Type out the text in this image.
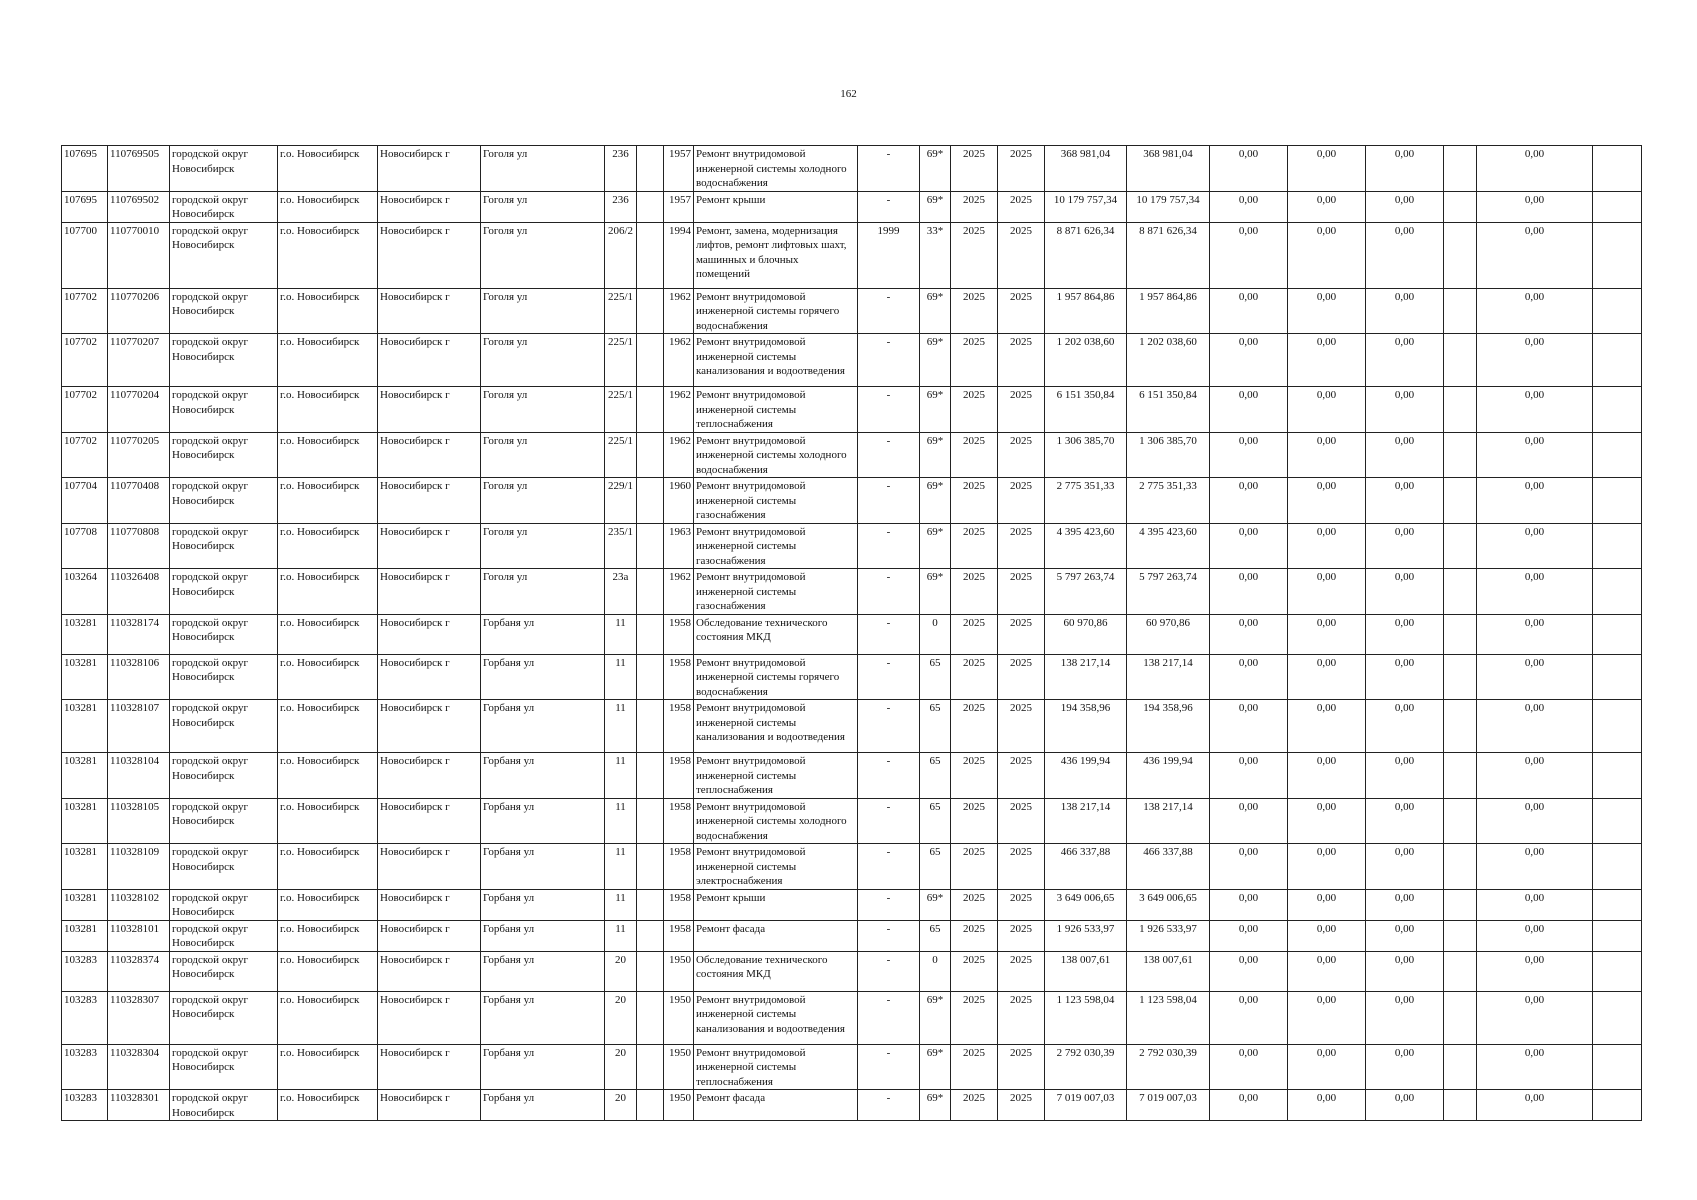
162
107695	110769505	городской округ Новосибирск	г.о. Новосибирск	Новосибирск г	Гоголя ул	236		1957	Ремонт внутридомовой инженерной системы холодного водоснабжения	-	69*	2025	2025	368 981,04	368 981,04	0,00	0,00	0,00		0,00	
107695	110769502	городской округ Новосибирск	г.о. Новосибирск	Новосибирск г	Гоголя ул	236		1957	Ремонт крыши	-	69*	2025	2025	10 179 757,34	10 179 757,34	0,00	0,00	0,00		0,00	
107700	110770010	городской округ Новосибирск	г.о. Новосибирск	Новосибирск г	Гоголя ул	206/2		1994	Ремонт, замена, модернизация лифтов, ремонт лифтовых шахт, машинных и блочных помещений	1999	33*	2025	2025	8 871 626,34	8 871 626,34	0,00	0,00	0,00		0,00	
107702	110770206	городской округ Новосибирск	г.о. Новосибирск	Новосибирск г	Гоголя ул	225/1		1962	Ремонт внутридомовой инженерной системы горячего водоснабжения	-	69*	2025	2025	1 957 864,86	1 957 864,86	0,00	0,00	0,00		0,00	
107702	110770207	городской округ Новосибирск	г.о. Новосибирск	Новосибирск г	Гоголя ул	225/1		1962	Ремонт внутридомовой инженерной системы канализования и водоотведения	-	69*	2025	2025	1 202 038,60	1 202 038,60	0,00	0,00	0,00		0,00	
107702	110770204	городской округ Новосибирск	г.о. Новосибирск	Новосибирск г	Гоголя ул	225/1		1962	Ремонт внутридомовой инженерной системы теплоснабжения	-	69*	2025	2025	6 151 350,84	6 151 350,84	0,00	0,00	0,00		0,00	
107702	110770205	городской округ Новосибирск	г.о. Новосибирск	Новосибирск г	Гоголя ул	225/1		1962	Ремонт внутридомовой инженерной системы холодного водоснабжения	-	69*	2025	2025	1 306 385,70	1 306 385,70	0,00	0,00	0,00		0,00	
107704	110770408	городской округ Новосибирск	г.о. Новосибирск	Новосибирск г	Гоголя ул	229/1		1960	Ремонт внутридомовой инженерной системы газоснабжения	-	69*	2025	2025	2 775 351,33	2 775 351,33	0,00	0,00	0,00		0,00	
107708	110770808	городской округ Новосибирск	г.о. Новосибирск	Новосибирск г	Гоголя ул	235/1		1963	Ремонт внутридомовой инженерной системы газоснабжения	-	69*	2025	2025	4 395 423,60	4 395 423,60	0,00	0,00	0,00		0,00	
103264	110326408	городской округ Новосибирск	г.о. Новосибирск	Новосибирск г	Гоголя ул	23а		1962	Ремонт внутридомовой инженерной системы газоснабжения	-	69*	2025	2025	5 797 263,74	5 797 263,74	0,00	0,00	0,00		0,00	
103281	110328174	городской округ Новосибирск	г.о. Новосибирск	Новосибирск г	Горбаня ул	11		1958	Обследование технического состояния МКД	-	0	2025	2025	60 970,86	60 970,86	0,00	0,00	0,00		0,00	
103281	110328106	городской округ Новосибирск	г.о. Новосибирск	Новосибирск г	Горбаня ул	11		1958	Ремонт внутридомовой инженерной системы горячего водоснабжения	-	65	2025	2025	138 217,14	138 217,14	0,00	0,00	0,00		0,00	
103281	110328107	городской округ Новосибирск	г.о. Новосибирск	Новосибирск г	Горбаня ул	11		1958	Ремонт внутридомовой инженерной системы канализования и водоотведения	-	65	2025	2025	194 358,96	194 358,96	0,00	0,00	0,00		0,00	
103281	110328104	городской округ Новосибирск	г.о. Новосибирск	Новосибирск г	Горбаня ул	11		1958	Ремонт внутридомовой инженерной системы теплоснабжения	-	65	2025	2025	436 199,94	436 199,94	0,00	0,00	0,00		0,00	
103281	110328105	городской округ Новосибирск	г.о. Новосибирск	Новосибирск г	Горбаня ул	11		1958	Ремонт внутридомовой инженерной системы холодного водоснабжения	-	65	2025	2025	138 217,14	138 217,14	0,00	0,00	0,00		0,00	
103281	110328109	городской округ Новосибирск	г.о. Новосибирск	Новосибирск г	Горбаня ул	11		1958	Ремонт внутридомовой инженерной системы электроснабжения	-	65	2025	2025	466 337,88	466 337,88	0,00	0,00	0,00		0,00	
103281	110328102	городской округ Новосибирск	г.о. Новосибирск	Новосибирск г	Горбаня ул	11		1958	Ремонт крыши	-	69*	2025	2025	3 649 006,65	3 649 006,65	0,00	0,00	0,00		0,00	
103281	110328101	городской округ Новосибирск	г.о. Новосибирск	Новосибирск г	Горбаня ул	11		1958	Ремонт фасада	-	65	2025	2025	1 926 533,97	1 926 533,97	0,00	0,00	0,00		0,00	
103283	110328374	городской округ Новосибирск	г.о. Новосибирск	Новосибирск г	Горбаня ул	20		1950	Обследование технического состояния МКД	-	0	2025	2025	138 007,61	138 007,61	0,00	0,00	0,00		0,00	
103283	110328307	городской округ Новосибирск	г.о. Новосибирск	Новосибирск г	Горбаня ул	20		1950	Ремонт внутридомовой инженерной системы канализования и водоотведения	-	69*	2025	2025	1 123 598,04	1 123 598,04	0,00	0,00	0,00		0,00	
103283	110328304	городской округ Новосибирск	г.о. Новосибирск	Новосибирск г	Горбаня ул	20		1950	Ремонт внутридомовой инженерной системы теплоснабжения	-	69*	2025	2025	2 792 030,39	2 792 030,39	0,00	0,00	0,00		0,00	
103283	110328301	городской округ Новосибирск	г.о. Новосибирск	Новосибирск г	Горбаня ул	20		1950	Ремонт фасада	-	69*	2025	2025	7 019 007,03	7 019 007,03	0,00	0,00	0,00		0,00	
